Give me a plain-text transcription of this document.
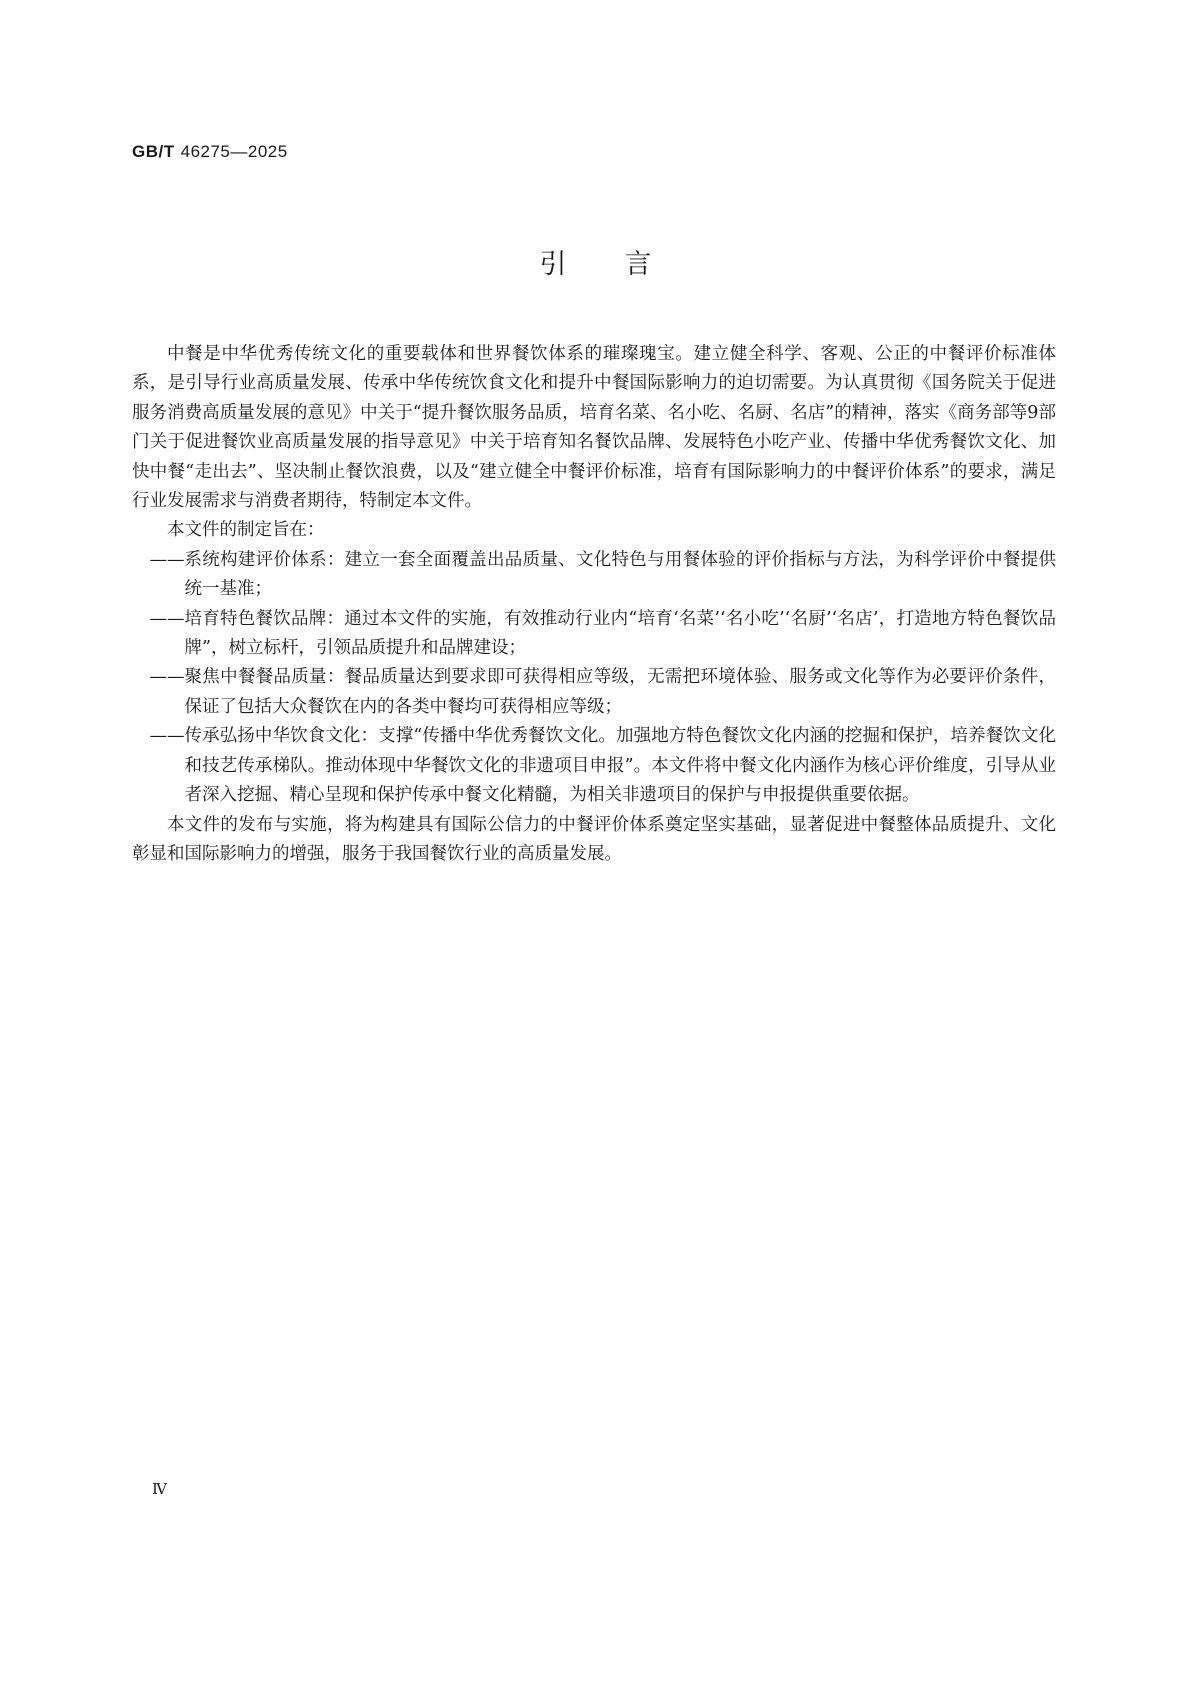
GB/T 46275—2025
引言

中餐是中华优秀传统文化的重要载体和世界餐饮体系的璀璨瑰宝。建立健全科学、客观、公正的中餐评价标准体系，是引导行业高质量发展、传承中华传统饮食文化和提升中餐国际影响力的迫切需要。为认真贯彻《国务院关于促进服务消费高质量发展的意见》中关于“提升餐饮服务品质，培育名菜、名小吃、名厨、名店”的精神，落实《商务部等9部门关于促进餐饮业高质量发展的指导意见》中关于培育知名餐饮品牌、发展特色小吃产业、传播中华优秀餐饮文化、加快中餐“走出去”、坚决制止餐饮浪费，以及“建立健全中餐评价标准，培育有国际影响力的中餐评价体系”的要求，满足行业发展需求与消费者期待，特制定本文件。

本文件的制定旨在：

—— 系统构建评价体系：建立一套全面覆盖出品质量、文化特色与用餐体验的评价指标与方法，为科学评价中餐提供统一基准；
—— 培育特色餐饮品牌：通过本文件的实施，有效推动行业内“培育‘名菜’‘名小吃’‘名厨’‘名店’，打造地方特色餐饮品牌”，树立标杆，引领品质提升和品牌建设；
—— 聚焦中餐餐品质量：餐品质量达到要求即可获得相应等级，无需把环境体验、服务或文化等作为必要评价条件，保证了包括大众餐饮在内的各类中餐均可获得相应等级；
—— 传承弘扬中华饮食文化：支撑“传播中华优秀餐饮文化。加强地方特色餐饮文化内涵的挖掘和保护，培养餐饮文化和技艺传承梯队。推动体现中华餐饮文化的非遗项目申报”。本文件将中餐文化内涵作为核心评价维度，引导从业者深入挖掘、精心呈现和保护传承中餐文化精髓，为相关非遗项目的保护与申报提供重要依据。

本文件的发布与实施，将为构建具有国际公信力的中餐评价体系奠定坚实基础，显著促进中餐整体品质提升、文化彰显和国际影响力的增强，服务于我国餐饮行业的高质量发展。

Ⅳ
